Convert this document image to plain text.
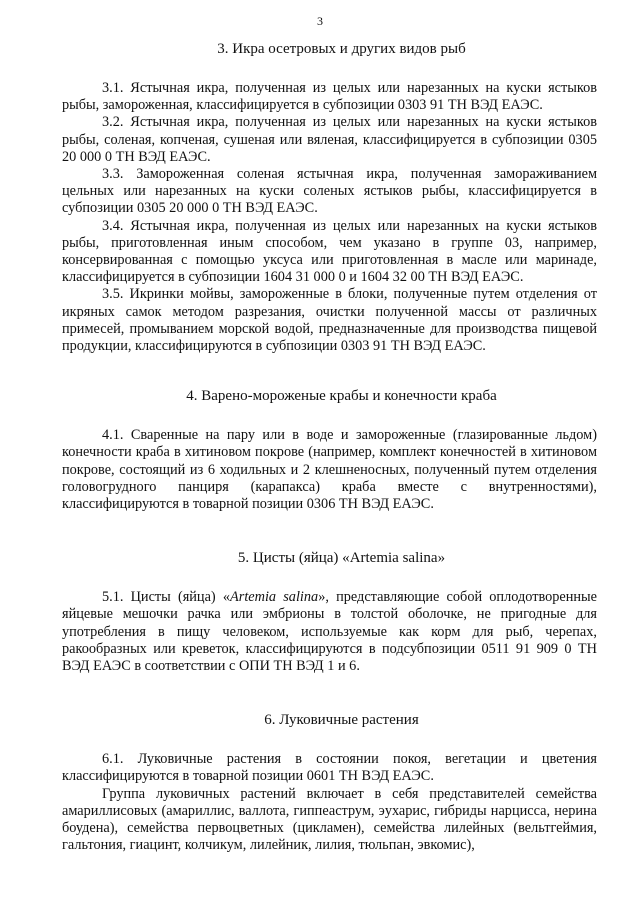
3

3. Икра осетровых и других видов рыб

3.1. Ястычная икра, полученная из целых или нарезанных на куски ястыков рыбы, замороженная, классифицируется в субпозиции 0303 91 ТН ВЭД ЕАЭС.

3.2. Ястычная икра, полученная из целых или нарезанных на куски ястыков рыбы, соленая, копченая, сушеная или вяленая, классифицируется в субпозиции 0305 20 000 0 ТН ВЭД ЕАЭС.

3.3. Замороженная соленая ястычная икра, полученная замораживанием цельных или нарезанных на куски соленых ястыков рыбы, классифицируется в субпозиции 0305 20 000 0 ТН ВЭД ЕАЭС.

3.4. Ястычная икра, полученная из целых или нарезанных на куски ястыков рыбы, приготовленная иным способом, чем указано в группе 03, например, консервированная с помощью уксуса или приготовленная в масле или маринаде, классифицируется в субпозиции 1604 31 000 0 и 1604 32 00 ТН ВЭД ЕАЭС.

3.5. Икринки мойвы, замороженные в блоки, полученные путем отделения от икряных самок методом разрезания, очистки полученной массы от различных примесей, промыванием морской водой, предназначенные для производства пищевой продукции, классифицируются в субпозиции 0303 91 ТН ВЭД ЕАЭС.

4. Варено-мороженые крабы и конечности краба

4.1. Сваренные на пару или в воде и замороженные (глазированные льдом) конечности краба в хитиновом покрове (например, комплект конечностей в хитиновом покрове, состоящий из 6 ходильных и 2 клешненосных, полученный путем отделения головогрудного панциря (карапакса) краба вместе с внутренностями), классифицируются в товарной позиции 0306 ТН ВЭД ЕАЭС.

5. Цисты (яйца) «Artemia salina»

5.1. Цисты (яйца) «Artemia salina», представляющие собой оплодотворенные яйцевые мешочки рачка или эмбрионы в толстой оболочке, не пригодные для употребления в пищу человеком, используемые как корм для рыб, черепах, ракообразных или креветок, классифицируются в подсубпозиции 0511 91 909 0 ТН ВЭД ЕАЭС в соответствии с ОПИ ТН ВЭД 1 и 6.

6. Луковичные растения

6.1. Луковичные растения в состоянии покоя, вегетации и цветения классифицируются в товарной позиции 0601 ТН ВЭД ЕАЭС.

Группа луковичных растений включает в себя представителей семейства амариллисовых (амариллис, валлота, гиппеаструм, эухарис, гибриды нарцисса, нерина боудена), семейства первоцветных (цикламен), семейства лилейных (вельтгеймия, гальтония, гиацинт, колчикум, лилейник, лилия, тюльпан, эвкомис),
